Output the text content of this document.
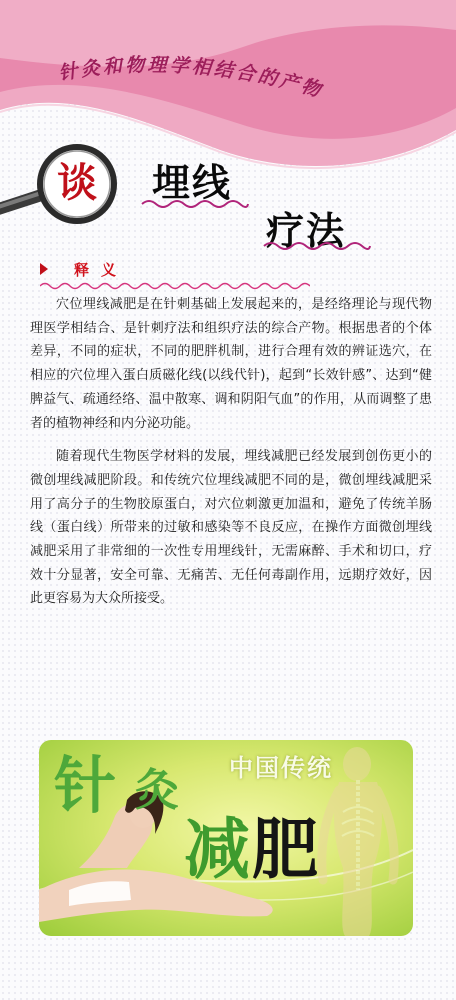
针灸和物理学相结合的产物
谈	埋线
疗法
释义

穴位埋线减肥是在针刺基础上发展起来的，是经络理论与现代物理医学相结合、是针刺疗法和组织疗法的综合产物。根据患者的个体差异，不同的症状，不同的肥胖机制，进行合理有效的辨证选穴，在相应的穴位埋入蛋白质磁化线(以线代针)，起到“长效针感”、达到“健脾益气、疏通经络、温中散寒、调和阴阳气血”的作用，从而调整了患者的植物神经和内分泌功能。

随着现代生物医学材料的发展，埋线减肥已经发展到创伤更小的微创埋线减肥阶段。和传统穴位埋线减肥不同的是，微创埋线减肥采用了高分子的生物胶原蛋白，对穴位刺激更加温和，避免了传统羊肠线（蛋白线）所带来的过敏和感染等不良反应，在操作方面微创埋线减肥采用了非常细的一次性专用埋线针，无需麻醉、手术和切口，疗效十分显著，安全可靠、无痛苦、无任何毒副作用，远期疗效好，因此更容易为大众所接受。

中国传统
针 灸
减 肥
